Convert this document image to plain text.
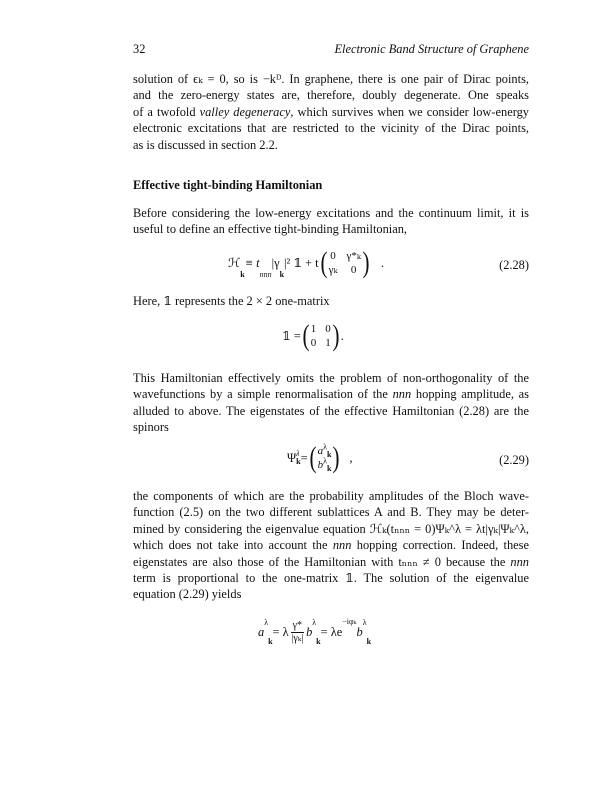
32	Electronic Band Structure of Graphene
solution of ϵₖ = 0, so is −kᴰ. In graphene, there is one pair of Dirac points,
and the zero-energy states are, therefore, doubly degenerate. One speaks
of a twofold valley degeneracy, which survives when we consider low-energy
electronic excitations that are restricted to the vicinity of the Dirac points,
as is discussed in section 2.2.
Effective tight-binding Hamiltonian
Before considering the low-energy excitations and the continuum limit, it is
useful to define an effective tight-binding Hamiltonian,
ℋ
$_k$
≡ t
$_{nnn}$
|γ
$_k$
|² 𝟙 + t ( 0 γ*ₖ
γₖ	0 ) .	(2.28)
Here, 𝟙 represents the 2 × 2 one-matrix
𝟙 = ( 1 0
0 1 ) .
This Hamiltonian effectively omits the problem of non-orthogonality of the
wavefunctions by a simple renormalisation of the nnn hopping amplitude, as
alluded to above. The eigenstates of the effective Hamiltonian (2.28) are the
spinors
Ψ λ
k = ( $a^\lambda_k$
$b^\lambda_k$ ) ,	(2.29)
the components of which are the probability amplitudes of the Bloch wave-
function (2.5) on the two different sublattices A and B. They may be deter-
mined by considering the eigenvalue equation ℋₖ(tₙₙₙ = 0)Ψₖ^λ = λt|γₖ|Ψₖ^λ,
which does not take into account the nnn hopping correction. Indeed, these
eigenstates are also those of the Hamiltonian with tₙₙₙ ≠ 0 because the nnn
term is proportional to the one-matrix 𝟙. The solution of the eigenvalue
equation (2.29) yields
a
$^\lambda$
k
= λ $\frac{\gamma*}{\text{|γₖ|}}$ b
$^\lambda$
k
= λe
−iφₖ
b
$^\lambda$
k
